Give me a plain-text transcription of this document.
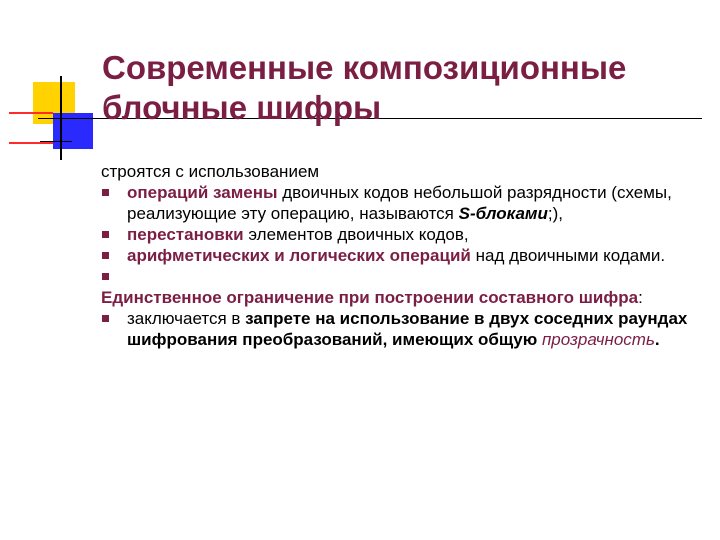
Современные композиционные
блочные шифры

строятся с использованием

операций замены двоичных кодов небольшой разрядности (схемы, реализующие эту операцию, называются S-блоками;),
перестановки элементов двоичных кодов,
арифметических и логических операций над двоичными кодами.

Единственное ограничение при построении составного шифра:
заключается в запрете на использование в двух соседних раундах шифрования преобразований, имеющих общую прозрачность.
